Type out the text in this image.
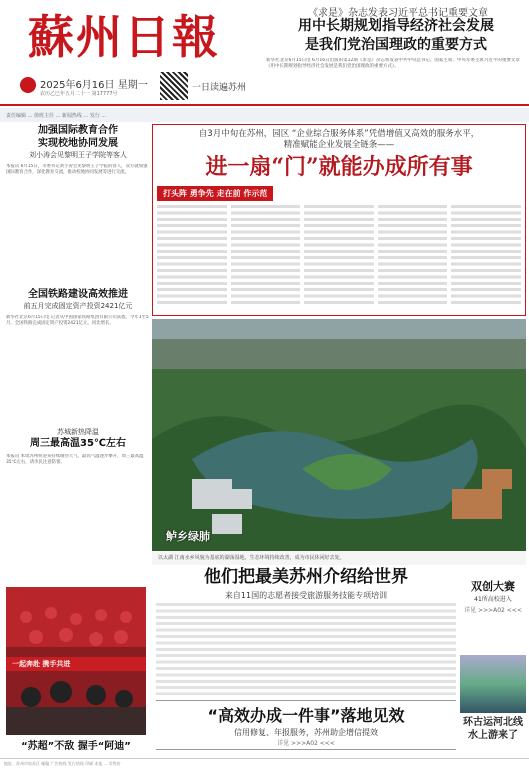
蘇州日報
2025年6月16日 星期一
农历乙巳年五月二十一 第17777号
一日读遍苏州
《求是》杂志发表习近平总书记重要文章
用中长期规划指导经济社会发展
是我们党治国理政的重要方式
新华社北京6月15日电 6月16日出版的第12期《求是》杂志将发表中共中央总书记、国家主席、中央军委主席习近平的重要文章《用中长期规划指导经济社会发展是我们党治国理政的重要方式》。
责任编辑 ... 值班主任 ... 新闻热线 ... 发行 ...
加强国际教育合作
实现校地协同发展
刘小涛会见黎明王子学院等客人
本报讯 6月15日，市委书记刘小涛会见黎明王子学院的客人，双方就加强国际教育合作，深化教育交流，推动校地协同发展等进行交流。
全国铁路建设高效推进
前五月完成固定资产投资2421亿元
新华社北京6月15日电 记者从中国国家铁路集团有限公司获悉，今年1至5月，全国铁路完成固定资产投资2421亿元，同比增长。
苏城新热降温
周三最高温35℃左右
本报讯 本周苏州将迎来持续晴热天气，最高气温逐步攀升，周三最高温35℃左右，请市民注意防暑。
一起奔赴 携手共进
“苏超”不敌 握手“阿迪”
自3月中旬在苏州，园区 “企业综合服务体系”凭借增值又高效的服务水平，
精准赋能企业发展全链条——
进一扇“门”就能办成所有事
打头阵 勇争先 走在前 作示范
鲈乡绿肺
以太湖 江南水乡风貌为基底的湖荡湿地，生态环境持续改善，成为市民休闲好去处。
他们把最美苏州介绍给世界
来自11国的志愿者接受旅游服务技能专项培训
双创大赛
41所高校进入
详见 >>>A02 <<<
“高效办成一件事”落地见效
信用修复、年报服务，苏州助企增信提效
详见 >>>A02 <<<
环古运河北线水上游来了
地址：苏州市姑苏区 邮编 广告热线 发行热线 印刷 本报 ... 零售价
